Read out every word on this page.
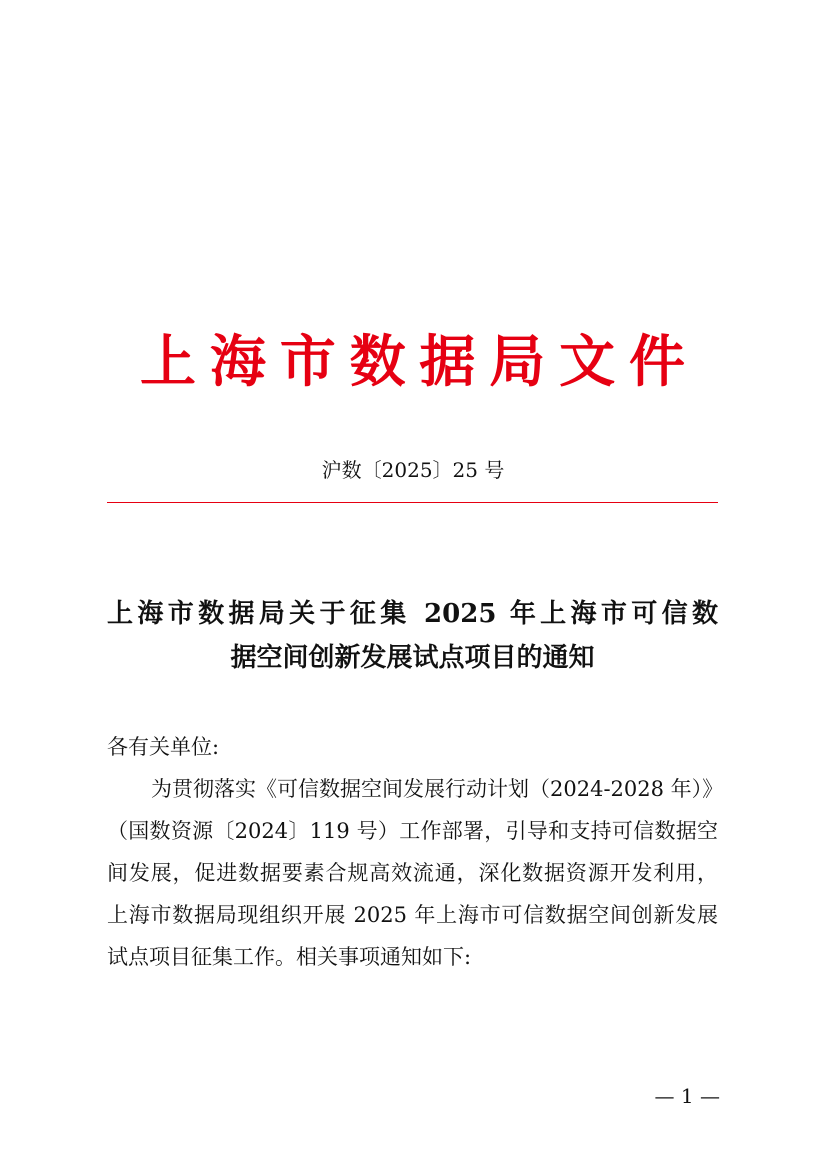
上海市数据局文件
沪数〔2025〕25 号
上海市数据局关于征集 2025 年上海市可信数
据空间创新发展试点项目的通知
各有关单位:
为贯彻落实《可信数据空间发展行动计划（2024-2028 年）》
（国数资源〔2024〕119 号）工作部署，引导和支持可信数据空
间发展，促进数据要素合规高效流通，深化数据资源开发利用，
上海市数据局现组织开展 2025 年上海市可信数据空间创新发展
试点项目征集工作。相关事项通知如下:
— 1 —
